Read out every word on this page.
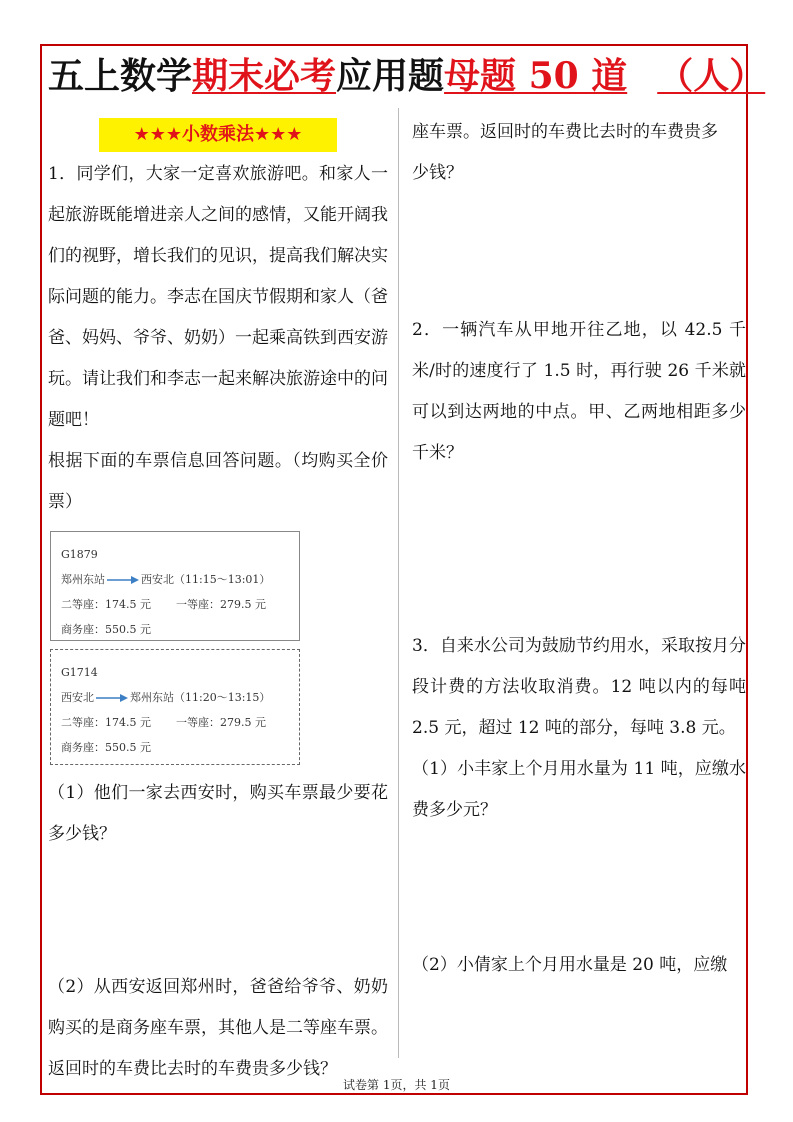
五上数学期末必考应用题母题 50 道 （人）
★★★小数乘法★★★

1．同学们，大家一定喜欢旅游吧。和家人一起旅游既能增进亲人之间的感情，又能开阔我们的视野，增长我们的见识，提高我们解决实际问题的能力。李志在国庆节假期和家人（爸爸、妈妈、爷爷、奶奶）一起乘高铁到西安游玩。请让我们和李志一起来解决旅游途中的问题吧！

根据下面的车票信息回答问题。（均购买全价票）

G1879
郑州东站	西安北（11:15～13:01）
二等座：174.5 元 一等座：279.5 元
商务座：550.5 元
G1714
西安北	郑州东站（11:20～13:15）
二等座：174.5 元 一等座：279.5 元
商务座：550.5 元

（1）他们一家去西安时，购买车票最少要花多少钱？

（2）从西安返回郑州时，爸爸给爷爷、奶奶购买的是商务座车票，其他人是二等座车票。返回时的车费比去时的车费贵多少钱？

座车票。返回时的车费比去时的车费贵多
少钱？

2．一辆汽车从甲地开往乙地，以 42.5 千米/时的速度行了 1.5 时，再行驶 26 千米就可以到达两地的中点。甲、乙两地相距多少千米？

3．自来水公司为鼓励节约用水，采取按月分段计费的方法收取消费。12 吨以内的每吨 2.5 元，超过 12 吨的部分，每吨 3.8 元。

（1）小丰家上个月用水量为 11 吨，应缴水费多少元？

（2）小倩家上个月用水量是 20 吨，应缴

试卷第 1页，共 1页
